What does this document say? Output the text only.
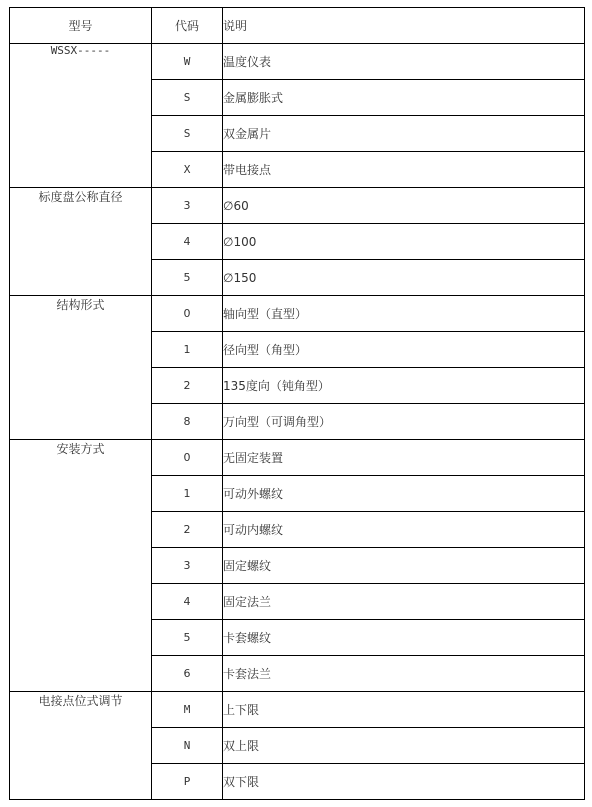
型号	代码	说明
WSSX-----	W	温度仪表
	S	金属膨胀式
	S	双金属片
	X	带电接点
标度盘公称直径	3	∅60
	4	∅100
	5	∅150
结构形式	0	轴向型（直型）
	1	径向型（角型）
	2	135度向（钝角型）
	8	万向型（可调角型）
安装方式	0	无固定装置
	1	可动外螺纹
	2	可动内螺纹
	3	固定螺纹
	4	固定法兰
	5	卡套螺纹
	6	卡套法兰
电接点位式调节	M	上下限
	N	双上限
	P	双下限
